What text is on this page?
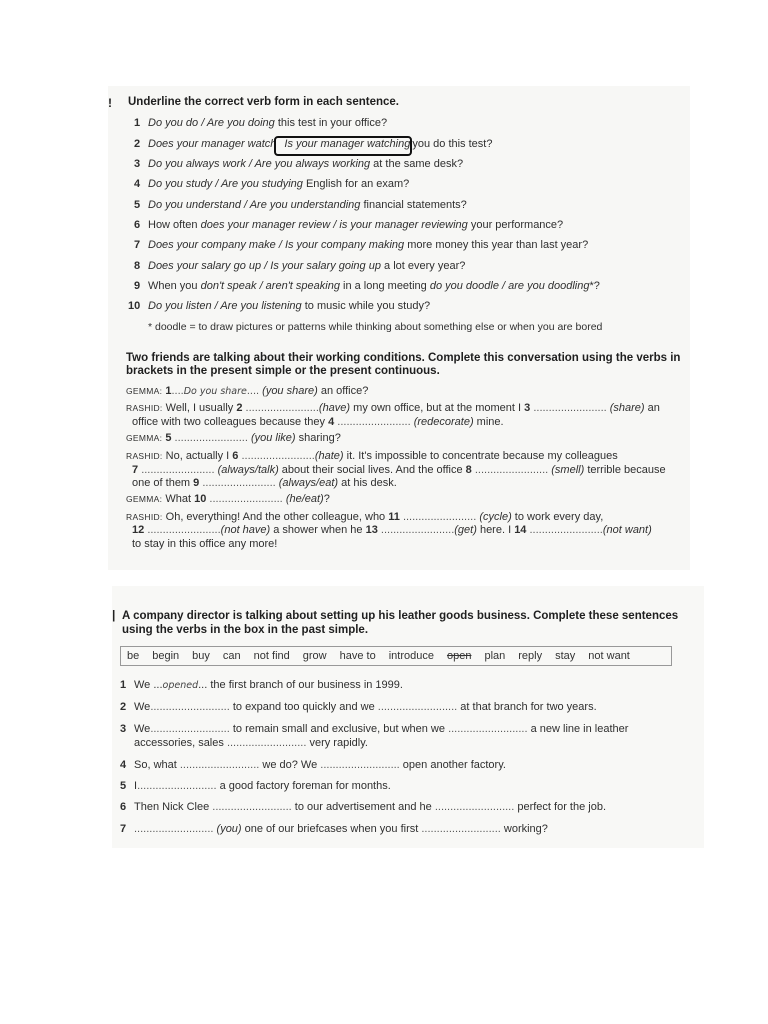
! Underline the correct verb form in each sentence.
1 Do you do / Are you doing this test in your office?
2 Does your manager watch Is your manager watching you do this test?
3 Do you always work / Are you always working at the same desk?
4 Do you study / Are you studying English for an exam?
5 Do you understand / Are you understanding financial statements?
6 How often does your manager review / is your manager reviewing your performance?
7 Does your company make / Is your company making more money this year than last year?
8 Does your salary go up / Is your salary going up a lot every year?
9 When you don't speak / aren't speaking in a long meeting do you doodle / are you doodling*?
10 Do you listen / Are you listening to music while you study?
* doodle = to draw pictures or patterns while thinking about something else or when you are bored
Two friends are talking about their working conditions. Complete this conversation using the verbs in
brackets in the present simple or the present continuous.
GEMMA: 1....Do you share.... (you share) an office?
RASHID: Well, I usually 2 ........................(have) my own office, but at the moment I 3 ........................ (share) an
office with two colleagues because they 4 ........................ (redecorate) mine.
GEMMA: 5 ........................ (you like) sharing?
RASHID: No, actually I 6 ........................(hate) it. It's impossible to concentrate because my colleagues
7 ........................ (always/talk) about their social lives. And the office 8 ........................ (smell) terrible because
one of them 9 ........................ (always/eat) at his desk.
GEMMA: What 10 ........................ (he/eat)?
RASHID: Oh, everything! And the other colleague, who 11 ........................ (cycle) to work every day,
12 ........................(not have) a shower when he 13 ........................(get) here. I 14 ........................(not want)
to stay in this office any more!
| A company director is talking about setting up his leather goods business. Complete these sentences
using the verbs in the box in the past simple.
be begin buy can not find grow have to introduce open plan reply stay not want
1 We ...opened... the first branch of our business in 1999.
2 We.......................... to expand too quickly and we .......................... at that branch for two years.
3 We.......................... to remain small and exclusive, but when we .......................... a new line in leather
accessories, sales .......................... very rapidly.
4 So, what .......................... we do? We .......................... open another factory.
5 I.......................... a good factory foreman for months.
6 Then Nick Clee .......................... to our advertisement and he .......................... perfect for the job.
7 .......................... (you) one of our briefcases when you first .......................... working?
